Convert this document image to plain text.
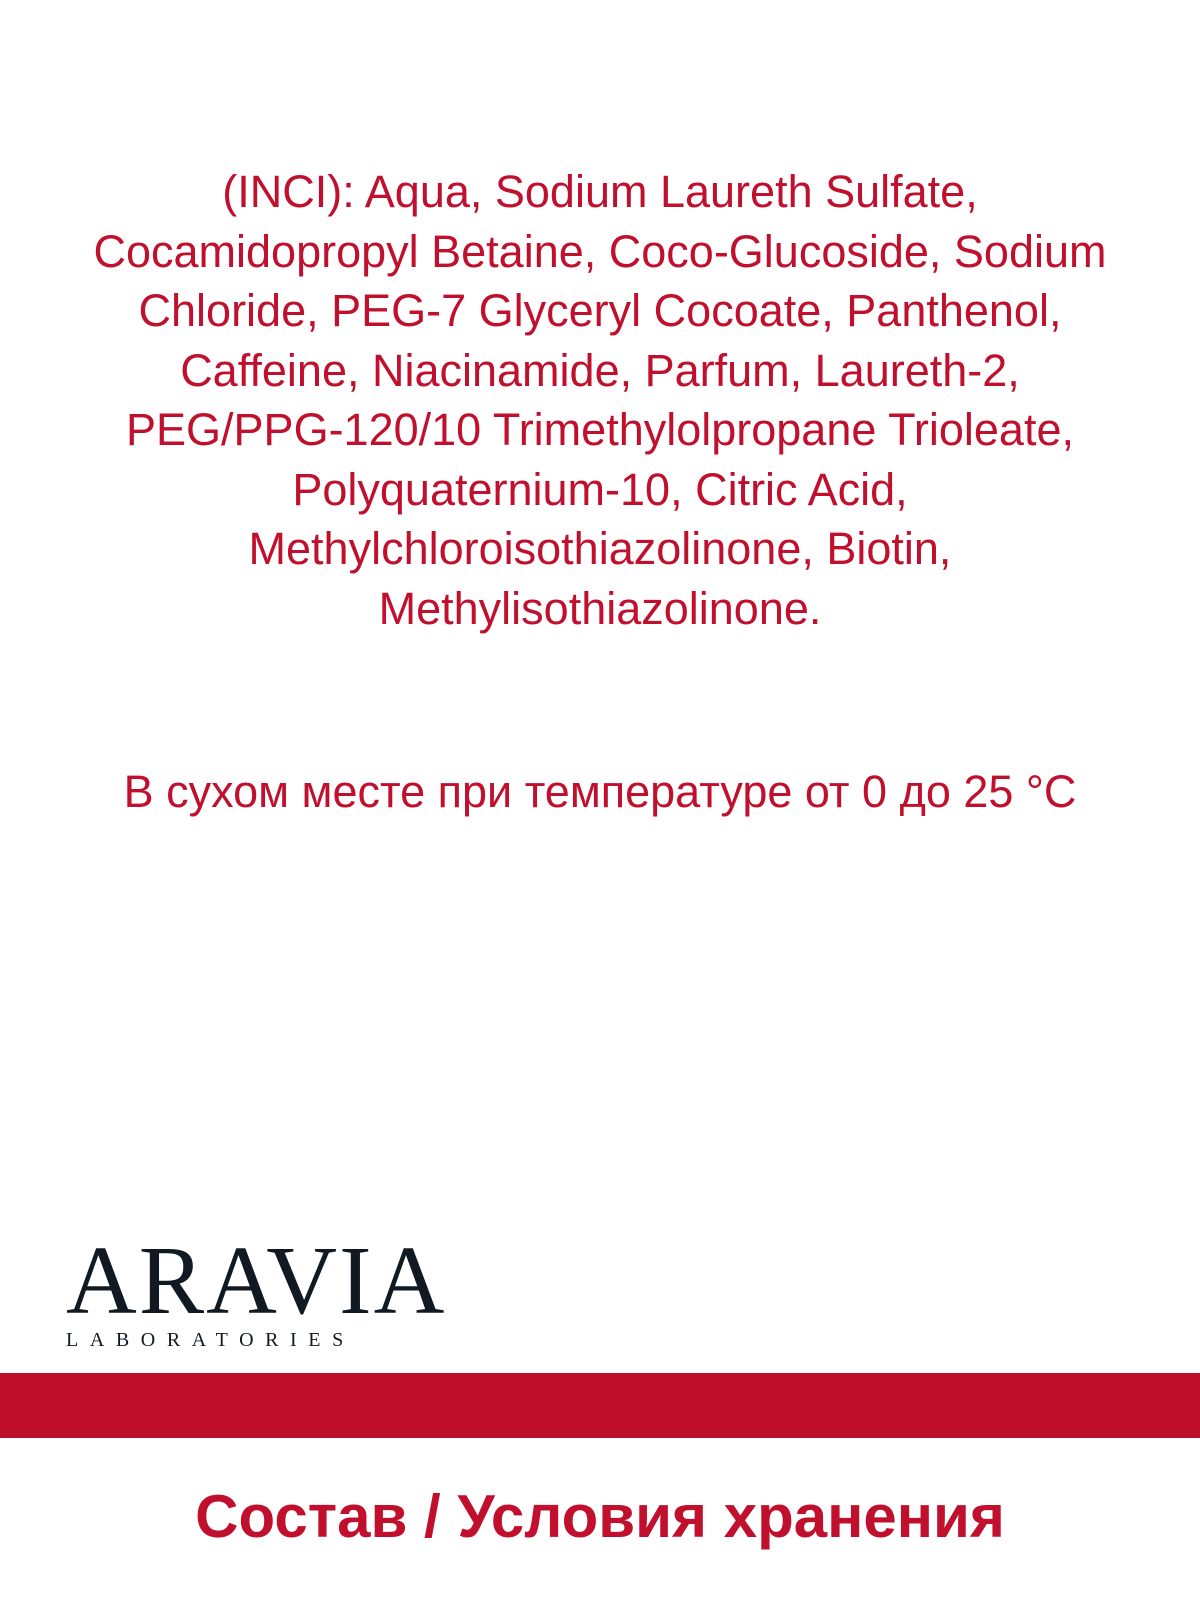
(INCI): Aqua, Sodium Laureth Sulfate,
Cocamidopropyl Betaine, Coco-Glucoside, Sodium
Chloride, PEG-7 Glyceryl Cocoate, Panthenol,
Caffeine, Niacinamide, Parfum, Laureth-2,
PEG/PPG-120/10 Trimethylolpropane Trioleate,
Polyquaternium-10, Citric Acid,
Methylchloroisothiazolinone, Biotin,
Methylisothiazolinone.
В сухом месте при температуре от 0 до 25 °C
ARAVIA
LABORATORIES
Состав / Условия хранения
